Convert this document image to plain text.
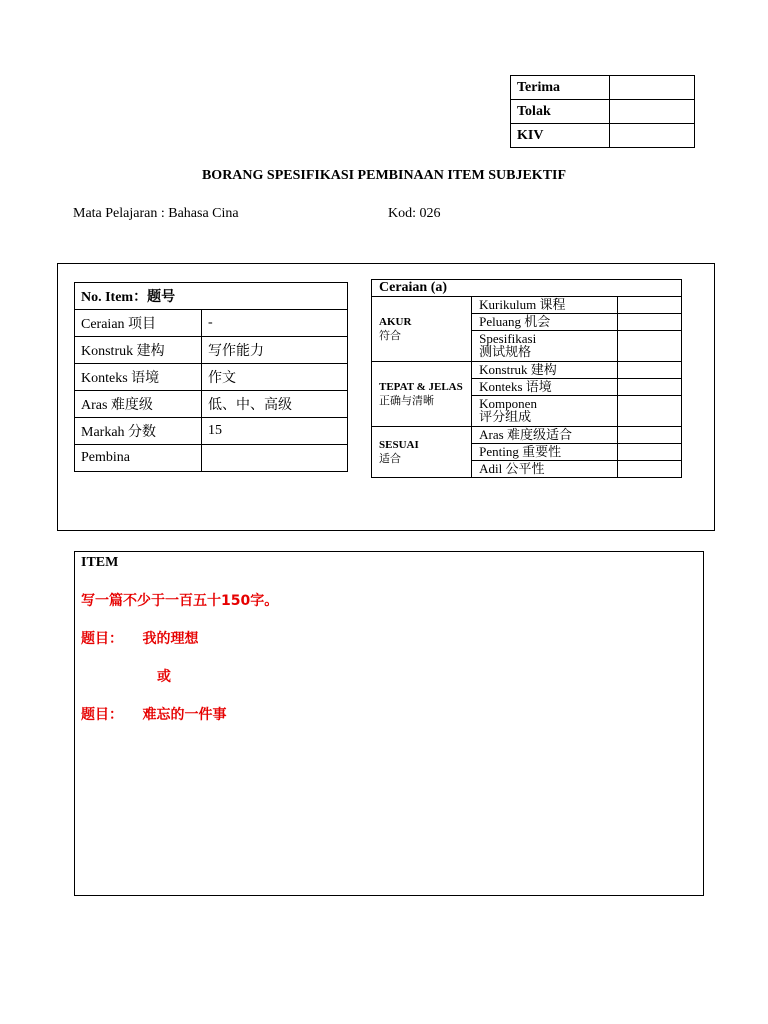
Terima	
Tolak	
KIV	
BORANG SPESIFIKASI PEMBINAAN ITEM SUBJEKTIF
Mata Pelajaran : Bahasa Cina	Kod: 026
No. Item：题号	
Ceraian 项目	-
Konstruk 建构	写作能力
Konteks 语境	作文
Aras 难度级	低、中、高级
Markah 分数	15
Pembina	
Ceraian (a)		

AKUR
符合	Kurikulum 课程	
	Peluang 机会	

	Spesifikasi
测试规格	

TEPAT & JELAS
正确与清晰	Konstruk 建构	
	Konteks 语境	

	Komponen
评分组成	

SESUAI
适合	Aras 难度级适合	
	Penting 重要性	
	Adil 公平性	
ITEM

写一篇不少于一百五十150字。

题目：    我的理想

或

题目：    难忘的一件事
